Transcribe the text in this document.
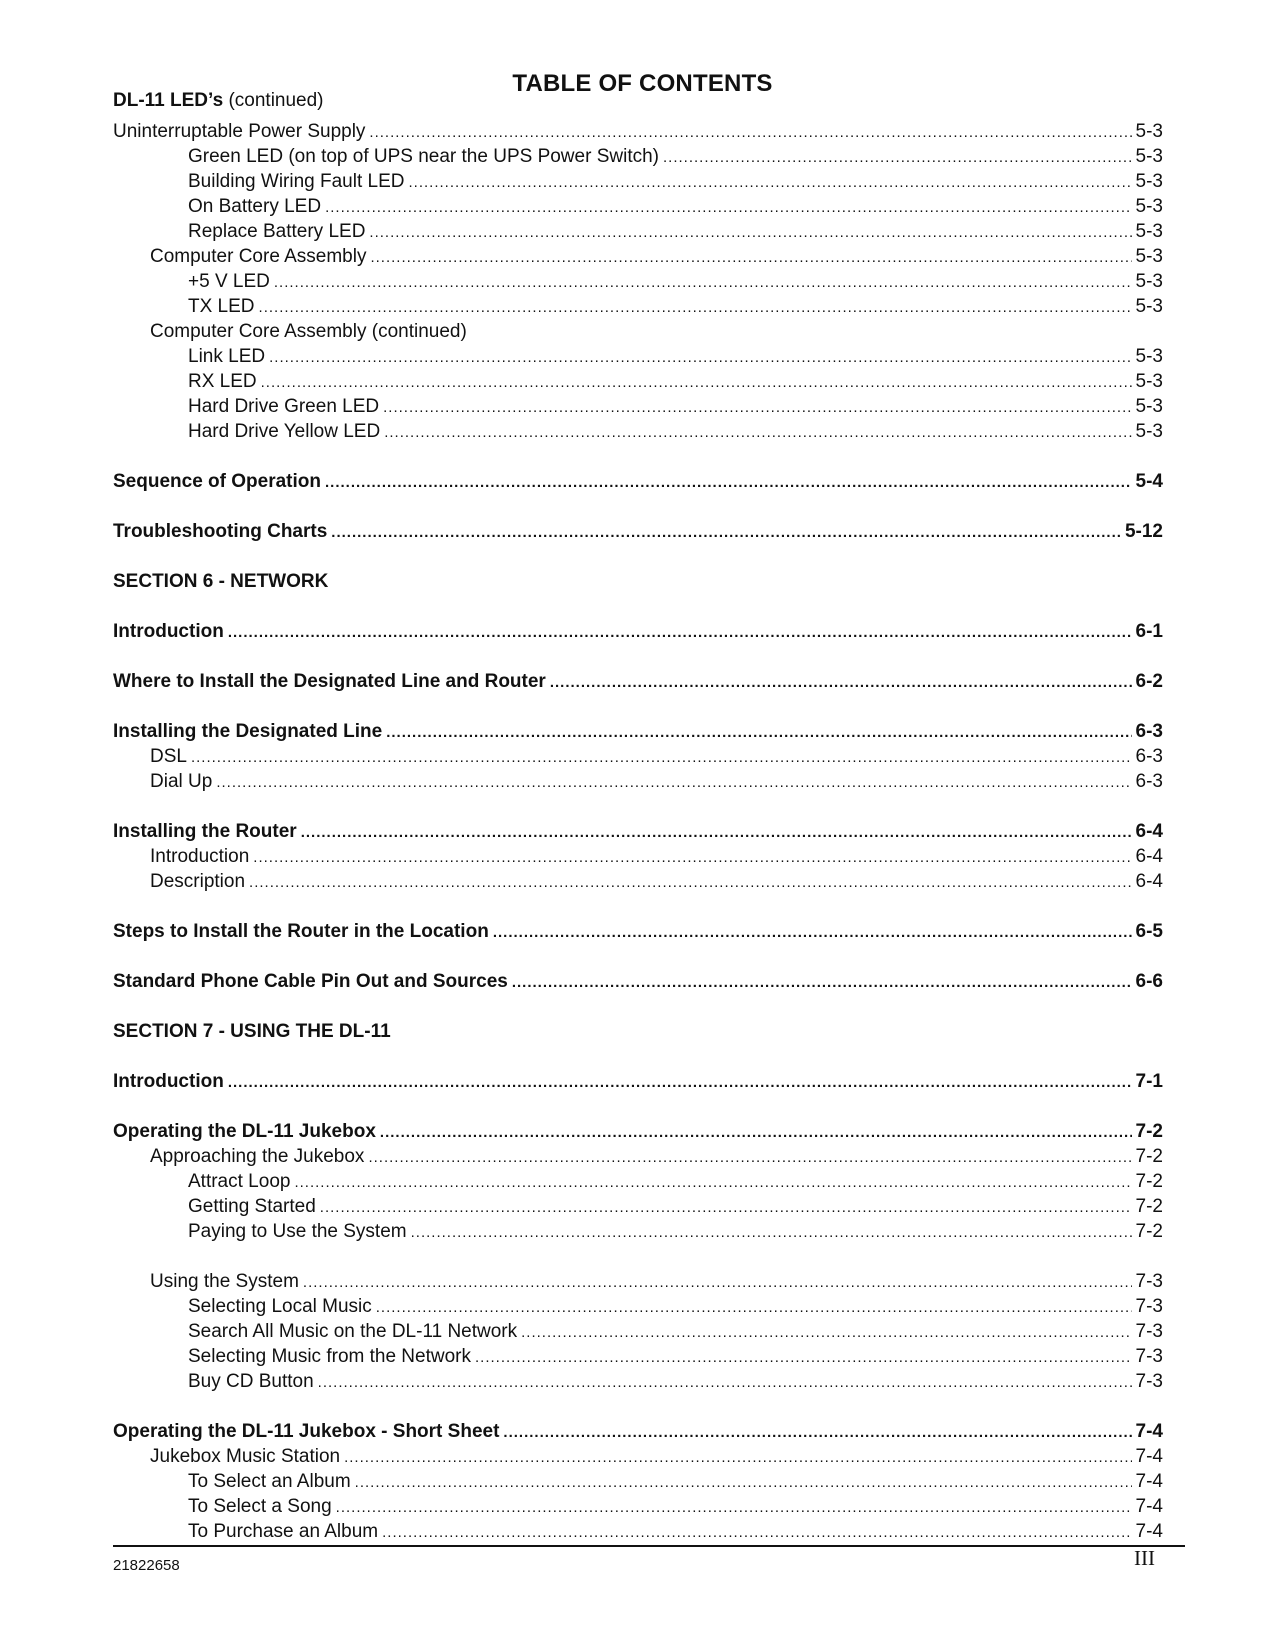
TABLE OF CONTENTS
DL-11 LED’s (continued)
Uninterruptable Power Supply .....	5-3
Green LED (on top of UPS near the UPS Power Switch) .....	5-3
Building Wiring Fault LED .....	5-3
On Battery LED .....	5-3
Replace Battery LED .....	5-3
Computer Core Assembly .....	5-3
+5 V LED .....	5-3
TX LED .....	5-3
Computer Core Assembly (continued)
Link LED .....	5-3
RX LED .....	5-3
Hard Drive Green LED .....	5-3
Hard Drive Yellow LED .....	5-3
Sequence of Operation .....	5-4
Troubleshooting Charts .....	5-12
SECTION 6 - NETWORK
Introduction .....	6-1
Where to Install the Designated Line and Router .....	6-2
Installing the Designated Line .....	6-3
DSL .....	6-3
Dial Up .....	6-3
Installing the Router .....	6-4
Introduction .....	6-4
Description .....	6-4
Steps to Install the Router in the Location .....	6-5
Standard Phone Cable Pin Out and Sources .....	6-6
SECTION 7 - USING THE DL-11
Introduction .....	7-1
Operating the DL-11 Jukebox .....	7-2
Approaching the Jukebox .....	7-2
Attract Loop .....	7-2
Getting Started .....	7-2
Paying to Use the System .....	7-2
Using the System .....	7-3
Selecting Local Music .....	7-3
Search All Music on the DL-11 Network .....	7-3
Selecting Music from the Network .....	7-3
Buy CD Button .....	7-3
Operating the DL-11 Jukebox - Short Sheet .....	7-4
Jukebox Music Station .....	7-4
To Select an Album .....	7-4
To Select a Song .....	7-4
To Purchase an Album .....	7-4
21822658	III
